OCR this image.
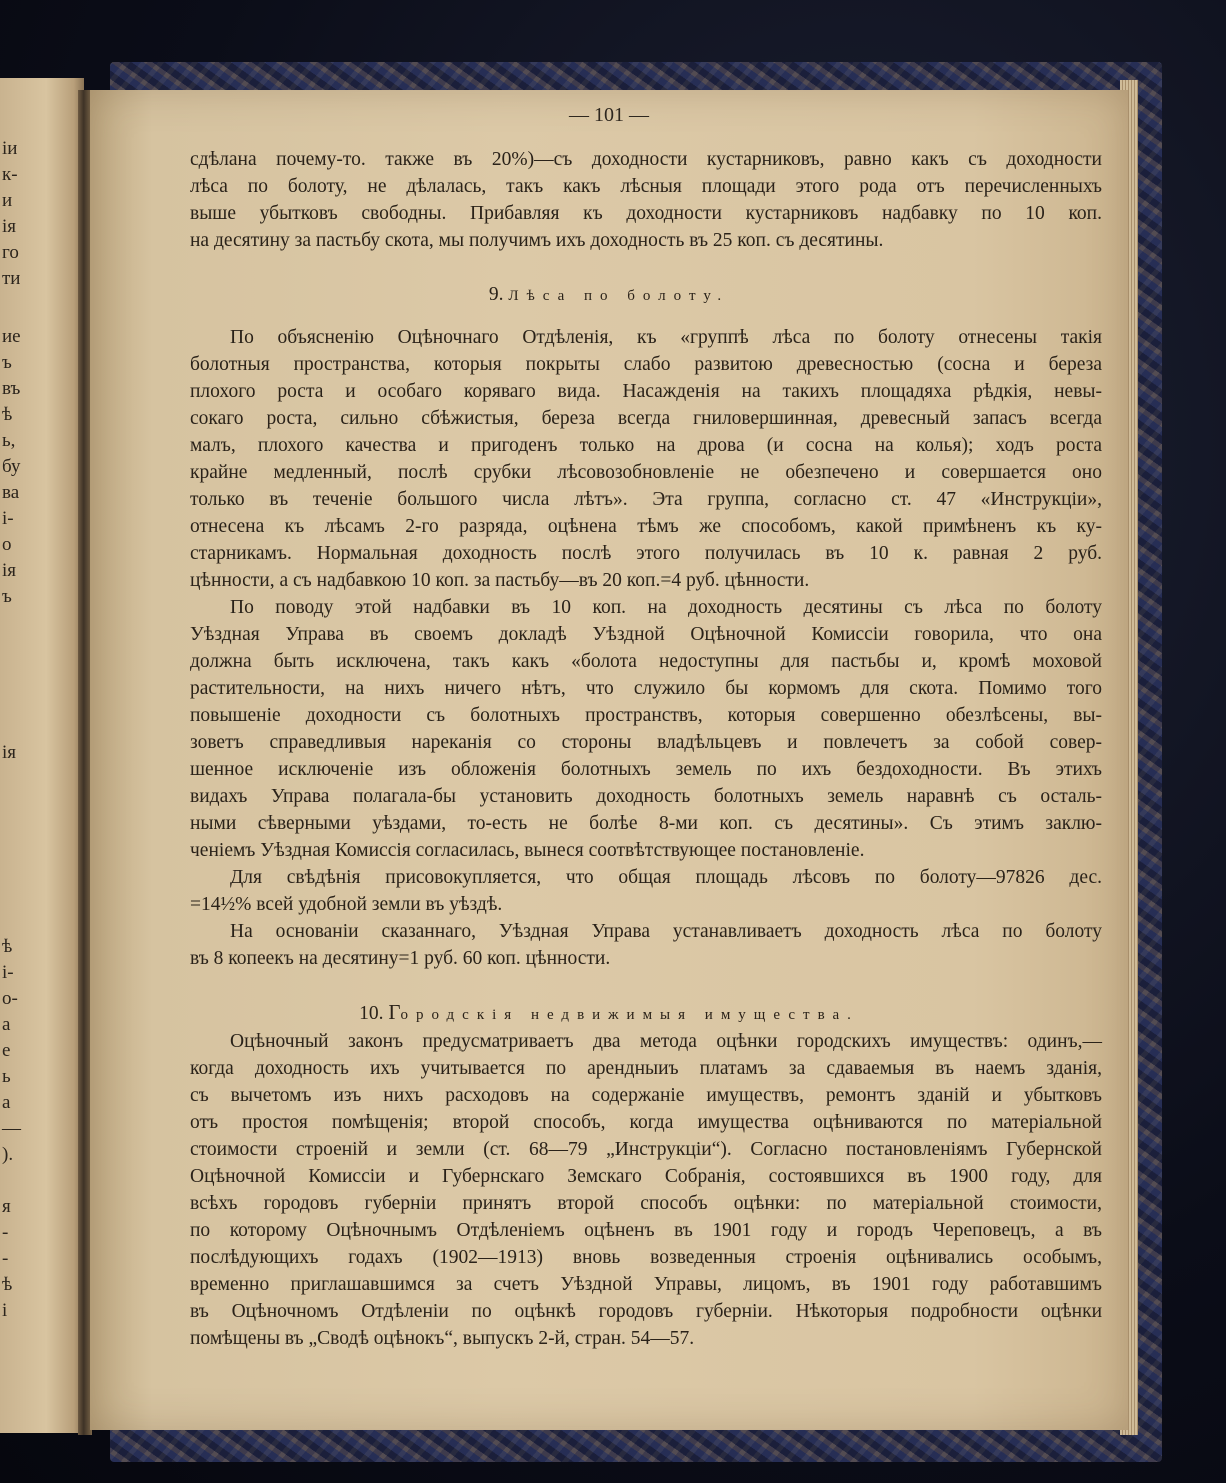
іи
к-
и
ія
го
ти
ие
ъ
въ
ѣ
ь,
бу
ва
і-
о
ія
ъ
ія
ѣ
і-
о-
а
е
ь
а
—
).
я
-
-
ѣ
і
— 101 —

сдѣлана почему-то. также въ 20%)—съ доходности кустарниковъ, равно какъ съ доходности

лѣса по болоту, не дѣлалась, такъ какъ лѣсныя площади этого рода отъ перечисленныхъ

выше убытковъ свободны. Прибавляя къ доходности кустарниковъ надбавку по 10 коп.

на десятину за пастьбу скота, мы получимъ ихъ доходность въ 25 коп. съ десятины.

9. Лѣса по болоту.

По объясненію Оцѣночнаго Отдѣленія, къ «группѣ лѣса по болоту отнесены такія

болотныя пространства, которыя покрыты слабо развитою древесностью (сосна и береза

плохого роста и особаго коряваго вида. Насажденія на такихъ площадяха рѣдкія, невы-

сокаго роста, сильно сбѣжистыя, береза всегда гниловершинная, древесный запасъ всегда

малъ, плохого качества и пригоденъ только на дрова (и сосна на колья); ходъ роста

крайне медленный, послѣ срубки лѣсовозобновленіе не обезпечено и совершается оно

только въ теченіе большого числа лѣтъ». Эта группа, согласно ст. 47 «Инструкціи»,

отнесена къ лѣсамъ 2-го разряда, оцѣнена тѣмъ же способомъ, какой примѣненъ къ ку-

старникамъ. Нормальная доходность послѣ этого получилась въ 10 к. равная 2 руб.

цѣнности, а съ надбавкою 10 коп. за пастьбу—въ 20 коп.=4 руб. цѣнности.

По поводу этой надбавки въ 10 коп. на доходность десятины съ лѣса по болоту

Уѣздная Управа въ своемъ докладѣ Уѣздной Оцѣночной Комиссіи говорила, что она

должна быть исключена, такъ какъ «болота недоступны для пастьбы и, кромѣ моховой

растительности, на нихъ ничего нѣтъ, что служило бы кормомъ для скота. Помимо того

повышеніе доходности съ болотныхъ пространствъ, которыя совершенно обезлѣсены, вы-

зоветъ справедливыя нареканія со стороны владѣльцевъ и повлечетъ за собой совер-

шенное исключеніе изъ обложенія болотныхъ земель по ихъ бездоходности. Въ этихъ

видахъ Управа полагала-бы установить доходность болотныхъ земель наравнѣ съ осталь-

ными сѣверными уѣздами, то-есть не болѣе 8-ми коп. съ десятины». Съ этимъ заклю-

ченіемъ Уѣздная Комиссія согласилась, вынеся соотвѣтствующее постановленіе.

Для свѣдѣнія присовокупляется, что общая площадь лѣсовъ по болоту—97826 дес.

=14½% всей удобной земли въ уѣздѣ.

На основаніи сказаннаго, Уѣздная Управа устанавливаетъ доходность лѣса по болоту

въ 8 копеекъ на десятину=1 руб. 60 коп. цѣнности.

10. Городскія недвижимыя имущества.

Оцѣночный законъ предусматриваетъ два метода оцѣнки городскихъ имуществъ: одинъ,—

когда доходность ихъ учитывается по арендныиъ платамъ за сдаваемыя въ наемъ зданія,

съ вычетомъ изъ нихъ расходовъ на содержаніе имуществъ, ремонтъ зданій и убытковъ

отъ простоя помѣщенія; второй способъ, когда имущества оцѣниваются по матеріальной

стоимости строеній и земли (ст. 68—79 „Инструкціи“). Согласно постановленіямъ Губернской

Оцѣночной Комиссіи и Губернскаго Земскаго Собранія, состоявшихся въ 1900 году, для

всѣхъ городовъ губерніи принятъ второй способъ оцѣнки: по матеріальной стоимости,

по которому Оцѣночнымъ Отдѣленіемъ оцѣненъ въ 1901 году и городъ Череповецъ, а въ

послѣдующихъ годахъ (1902—1913) вновь возведенныя строенія оцѣнивались особымъ,

временно приглашавшимся за счетъ Уѣздной Управы, лицомъ, въ 1901 году работавшимъ

въ Оцѣночномъ Отдѣленіи по оцѣнкѣ городовъ губерніи. Нѣкоторыя подробности оцѣнки

помѣщены въ „Сводѣ оцѣнокъ“, выпускъ 2-й, стран. 54—57.
